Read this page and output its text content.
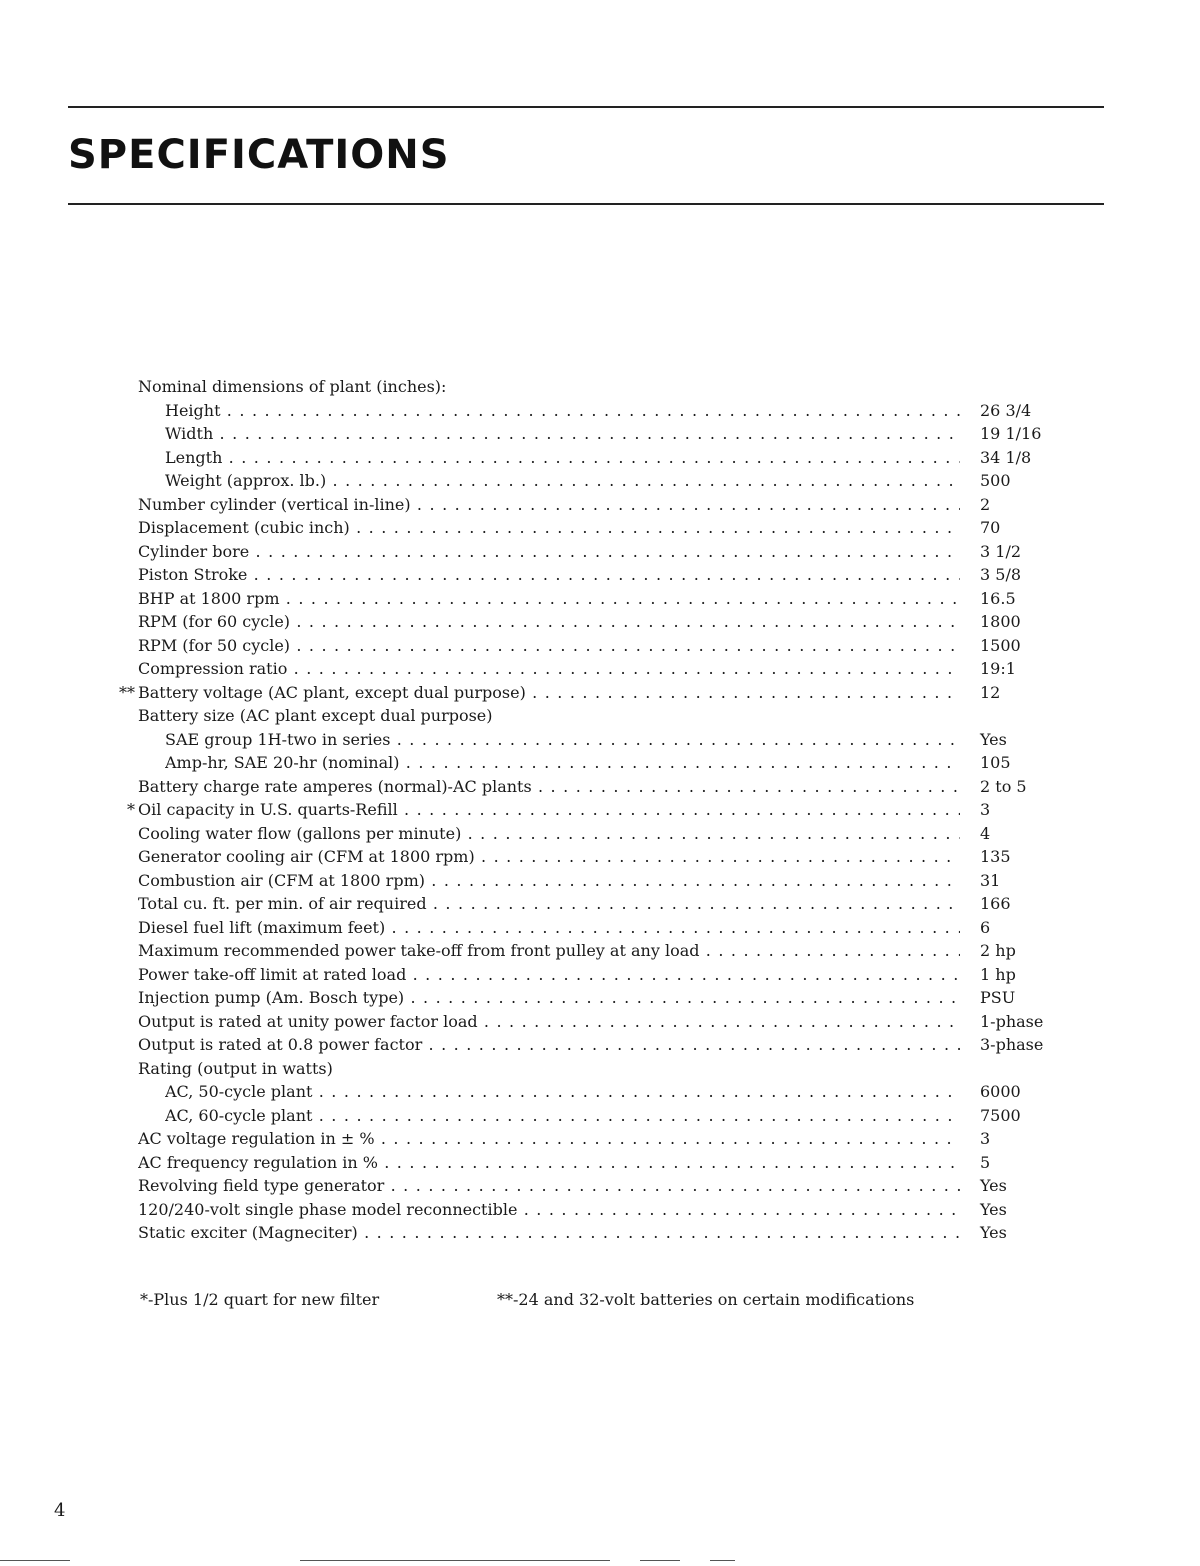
SPECIFICATIONS
Nominal dimensions of plant (inches):
Height . . .	26 3/4
Width . . .	19 1/16
Length . . .	34 1/8
Weight (approx. lb.) . . .	500
Number cylinder (vertical in-line) . . .	2
Displacement (cubic inch) . . .	70
Cylinder bore . . .	3 1/2
Piston Stroke . . .	3 5/8
BHP at 1800 rpm . . .	16.5
RPM (for 60 cycle) . . .	1800
RPM (for 50 cycle) . . .	1500
Compression ratio . . .	19:1
** Battery voltage (AC plant, except dual purpose) . . .	12
Battery size (AC plant except dual purpose)
SAE group 1H-two in series . . .	Yes
Amp-hr, SAE 20-hr (nominal) . . .	105
Battery charge rate amperes (normal)-AC plants . . .	2 to 5
* Oil capacity in U.S. quarts-Refill . . .	3
Cooling water flow (gallons per minute) . . .	4
Generator cooling air (CFM at 1800 rpm) . . .	135
Combustion air (CFM at 1800 rpm) . . .	31
Total cu. ft. per min. of air required . . .	166
Diesel fuel lift (maximum feet) . . .	6
Maximum recommended power take-off from front pulley at any load . . .	2 hp
Power take-off limit at rated load . . .	1 hp
Injection pump (Am. Bosch type) . . .	PSU
Output is rated at unity power factor load . . .	1-phase
Output is rated at 0.8 power factor . . .	3-phase
Rating (output in watts)
AC, 50-cycle plant . . .	6000
AC, 60-cycle plant . . .	7500
AC voltage regulation in ± % . . .	3
AC frequency regulation in % . . .	5
Revolving field type generator . . .	Yes
120/240-volt single phase model reconnectible . . .	Yes
Static exciter (Magneciter) . . .	Yes
*-Plus 1/2 quart for new filter	**-24 and 32-volt batteries on certain modifications
4
